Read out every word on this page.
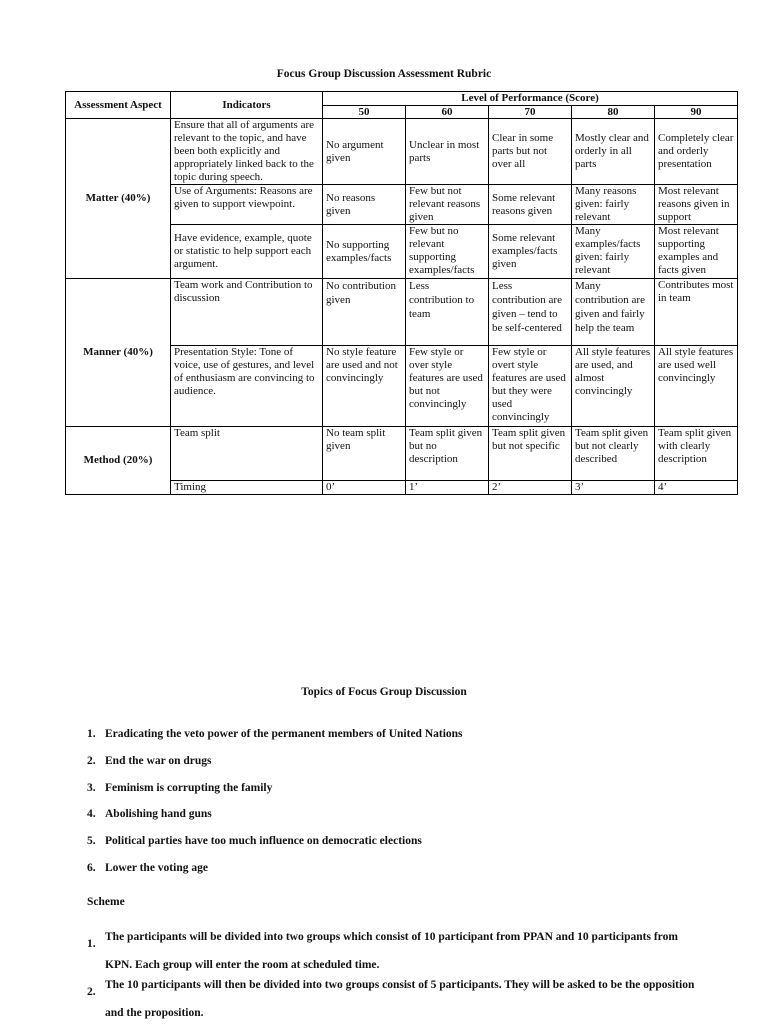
Focus Group Discussion Assessment Rubric
Assessment Aspect	Indicators	Level of Performance (Score)				
		50	60	70	80	90
Matter (40%)	Ensure that all of arguments are relevant to the topic, and have been both explicitly and appropriately linked back to the topic during speech.	No argument given	Unclear in most parts	Clear in some parts but not over all	Mostly clear and orderly in all parts	Completely clear and orderly presentation
	Use of Arguments: Reasons are given to support viewpoint.	No reasons given	Few but not relevant reasons given	Some relevant reasons given	Many reasons given: fairly relevant	Most relevant reasons given in support
	Have evidence, example, quote or statistic to help support each argument.	No supporting examples/facts	Few but no relevant supporting examples/facts	Some relevant examples/facts given	Many examples/facts given: fairly relevant	Most relevant supporting examples and facts given
Manner (40%)	Team work and Contribution to discussion	No contribution given	Less contribution to team	Less contribution are given – tend to be self-centered	Many contribution are given and fairly help the team	Contributes most in team
	Presentation Style: Tone of voice, use of gestures, and level of enthusiasm are convincing to audience.	No style feature are used and not convincingly	Few style or over style features are used but not convincingly	Few style or overt style features are used but they were used convincingly	All style features are used, and almost convincingly	All style features are used well convincingly
Method (20%)	Team split	No team split given	Team split given but no description	Team split given but not specific	Team split given but not clearly described	Team split given with clearly description
	Timing	0’	1’	2’	3’	4’
Topics of Focus Group Discussion
1. Eradicating the veto power of the permanent members of United Nations
2. End the war on drugs
3. Feminism is corrupting the family
4. Abolishing hand guns
5. Political parties have too much influence on democratic elections
6. Lower the voting age
Scheme
1.
The participants will be divided into two groups which consist of 10 participant from PPAN and 10 participants from KPN. Each group will enter the room at scheduled time.
2.
The 10 participants will then be divided into two groups consist of 5 participants. They will be asked to be the opposition and the proposition.
